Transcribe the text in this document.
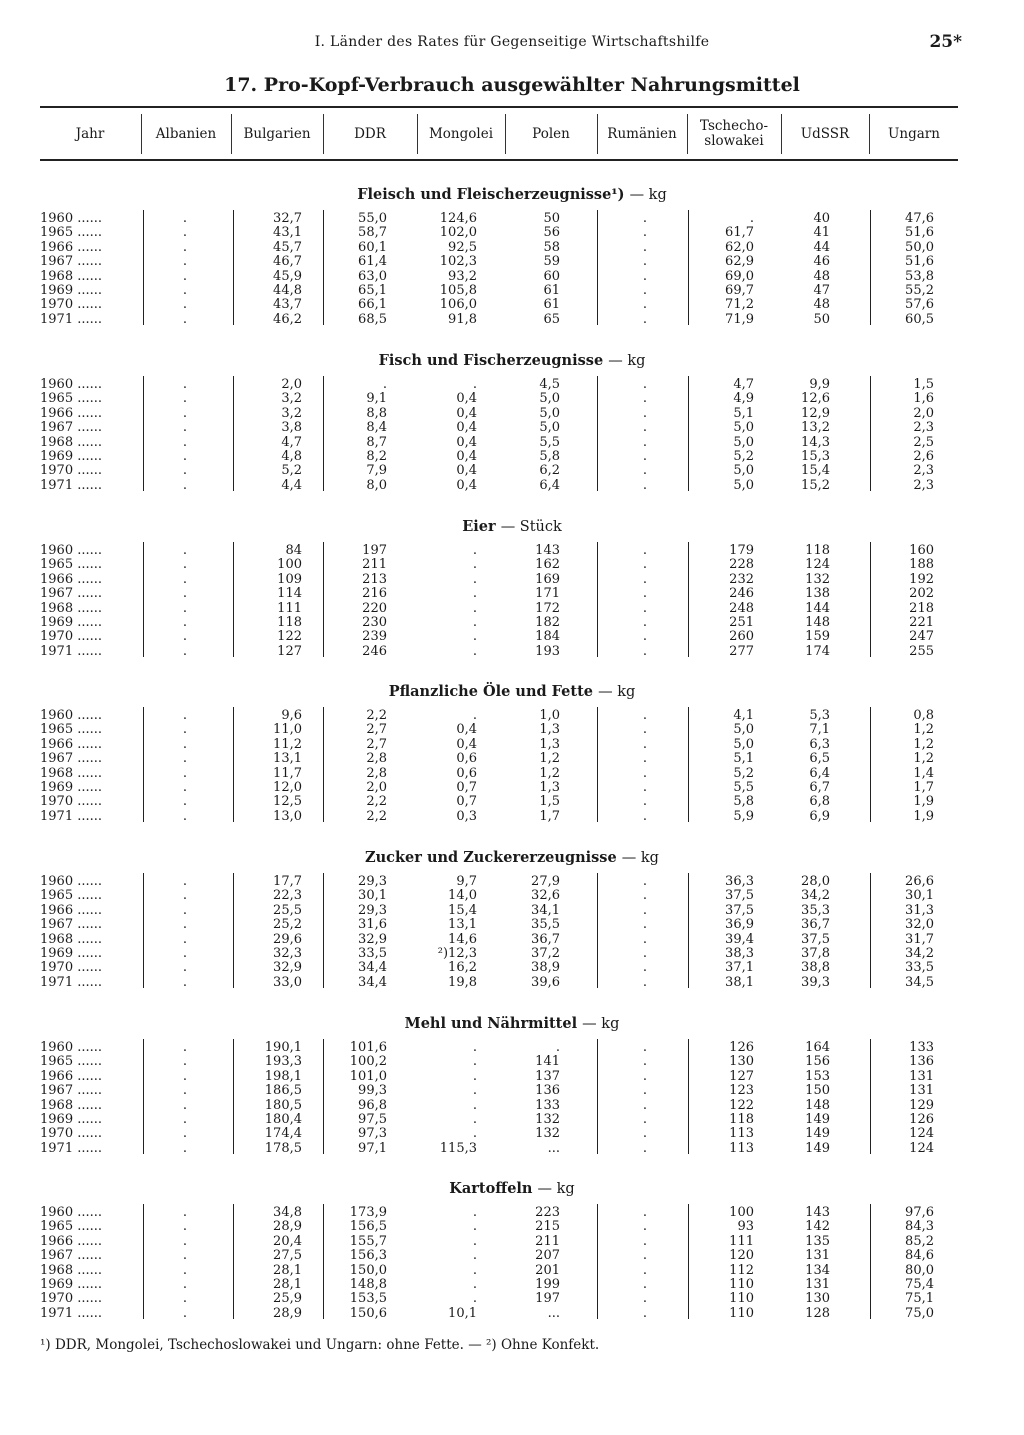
I. Länder des Rates für Gegenseitige Wirtschaftshilfe	25*
17. Pro-Kopf-Verbrauch ausgewählter Nahrungsmittel
Jahr	Albanien	Bulgarien	DDR	Mongolei	Polen	Rumänien	Tschecho-
slowakei	UdSSR	Ungarn
Fleisch und Fleischerzeugnisse¹) — kg
1960 ......	.	32,7	55,0	124,6	50	.	.	40	47,6
1965 ......	.	43,1	58,7	102,0	56	.	61,7	41	51,6
1966 ......	.	45,7	60,1	92,5	58	.	62,0	44	50,0
1967 ......	.	46,7	61,4	102,3	59	.	62,9	46	51,6
1968 ......	.	45,9	63,0	93,2	60	.	69,0	48	53,8
1969 ......	.	44,8	65,1	105,8	61	.	69,7	47	55,2
1970 ......	.	43,7	66,1	106,0	61	.	71,2	48	57,6
1971 ......	.	46,2	68,5	91,8	65	.	71,9	50	60,5
Fisch und Fischerzeugnisse — kg
1960 ......	.	2,0	.	.	4,5	.	4,7	9,9	1,5
1965 ......	.	3,2	9,1	0,4	5,0	.	4,9	12,6	1,6
1966 ......	.	3,2	8,8	0,4	5,0	.	5,1	12,9	2,0
1967 ......	.	3,8	8,4	0,4	5,0	.	5,0	13,2	2,3
1968 ......	.	4,7	8,7	0,4	5,5	.	5,0	14,3	2,5
1969 ......	.	4,8	8,2	0,4	5,8	.	5,2	15,3	2,6
1970 ......	.	5,2	7,9	0,4	6,2	.	5,0	15,4	2,3
1971 ......	.	4,4	8,0	0,4	6,4	.	5,0	15,2	2,3
Eier — Stück
1960 ......	.	84	197	.	143	.	179	118	160
1965 ......	.	100	211	.	162	.	228	124	188
1966 ......	.	109	213	.	169	.	232	132	192
1967 ......	.	114	216	.	171	.	246	138	202
1968 ......	.	111	220	.	172	.	248	144	218
1969 ......	.	118	230	.	182	.	251	148	221
1970 ......	.	122	239	.	184	.	260	159	247
1971 ......	.	127	246	.	193	.	277	174	255
Pflanzliche Öle und Fette — kg
1960 ......	.	9,6	2,2	.	1,0	.	4,1	5,3	0,8
1965 ......	.	11,0	2,7	0,4	1,3	.	5,0	7,1	1,2
1966 ......	.	11,2	2,7	0,4	1,3	.	5,0	6,3	1,2
1967 ......	.	13,1	2,8	0,6	1,2	.	5,1	6,5	1,2
1968 ......	.	11,7	2,8	0,6	1,2	.	5,2	6,4	1,4
1969 ......	.	12,0	2,0	0,7	1,3	.	5,5	6,7	1,7
1970 ......	.	12,5	2,2	0,7	1,5	.	5,8	6,8	1,9
1971 ......	.	13,0	2,2	0,3	1,7	.	5,9	6,9	1,9
Zucker und Zuckererzeugnisse — kg
1960 ......	.	17,7	29,3	9,7	27,9	.	36,3	28,0	26,6
1965 ......	.	22,3	30,1	14,0	32,6	.	37,5	34,2	30,1
1966 ......	.	25,5	29,3	15,4	34,1	.	37,5	35,3	31,3
1967 ......	.	25,2	31,6	13,1	35,5	.	36,9	36,7	32,0
1968 ......	.	29,6	32,9	14,6	36,7	.	39,4	37,5	31,7
1969 ......	.	32,3	33,5	²)12,3	37,2	.	38,3	37,8	34,2
1970 ......	.	32,9	34,4	16,2	38,9	.	37,1	38,8	33,5
1971 ......	.	33,0	34,4	19,8	39,6	.	38,1	39,3	34,5
Mehl und Nährmittel — kg
1960 ......	.	190,1	101,6	.	.	.	126	164	133
1965 ......	.	193,3	100,2	.	141	.	130	156	136
1966 ......	.	198,1	101,0	.	137	.	127	153	131
1967 ......	.	186,5	99,3	.	136	.	123	150	131
1968 ......	.	180,5	96,8	.	133	.	122	148	129
1969 ......	.	180,4	97,5	.	132	.	118	149	126
1970 ......	.	174,4	97,3	.	132	.	113	149	124
1971 ......	.	178,5	97,1	115,3	...	.	113	149	124
Kartoffeln — kg
1960 ......	.	34,8	173,9	.	223	.	100	143	97,6
1965 ......	.	28,9	156,5	.	215	.	93	142	84,3
1966 ......	.	20,4	155,7	.	211	.	111	135	85,2
1967 ......	.	27,5	156,3	.	207	.	120	131	84,6
1968 ......	.	28,1	150,0	.	201	.	112	134	80,0
1969 ......	.	28,1	148,8	.	199	.	110	131	75,4
1970 ......	.	25,9	153,5	.	197	.	110	130	75,1
1971 ......	.	28,9	150,6	10,1	...	.	110	128	75,0
¹) DDR, Mongolei, Tschechoslowakei und Ungarn: ohne Fette. — ²) Ohne Konfekt.
